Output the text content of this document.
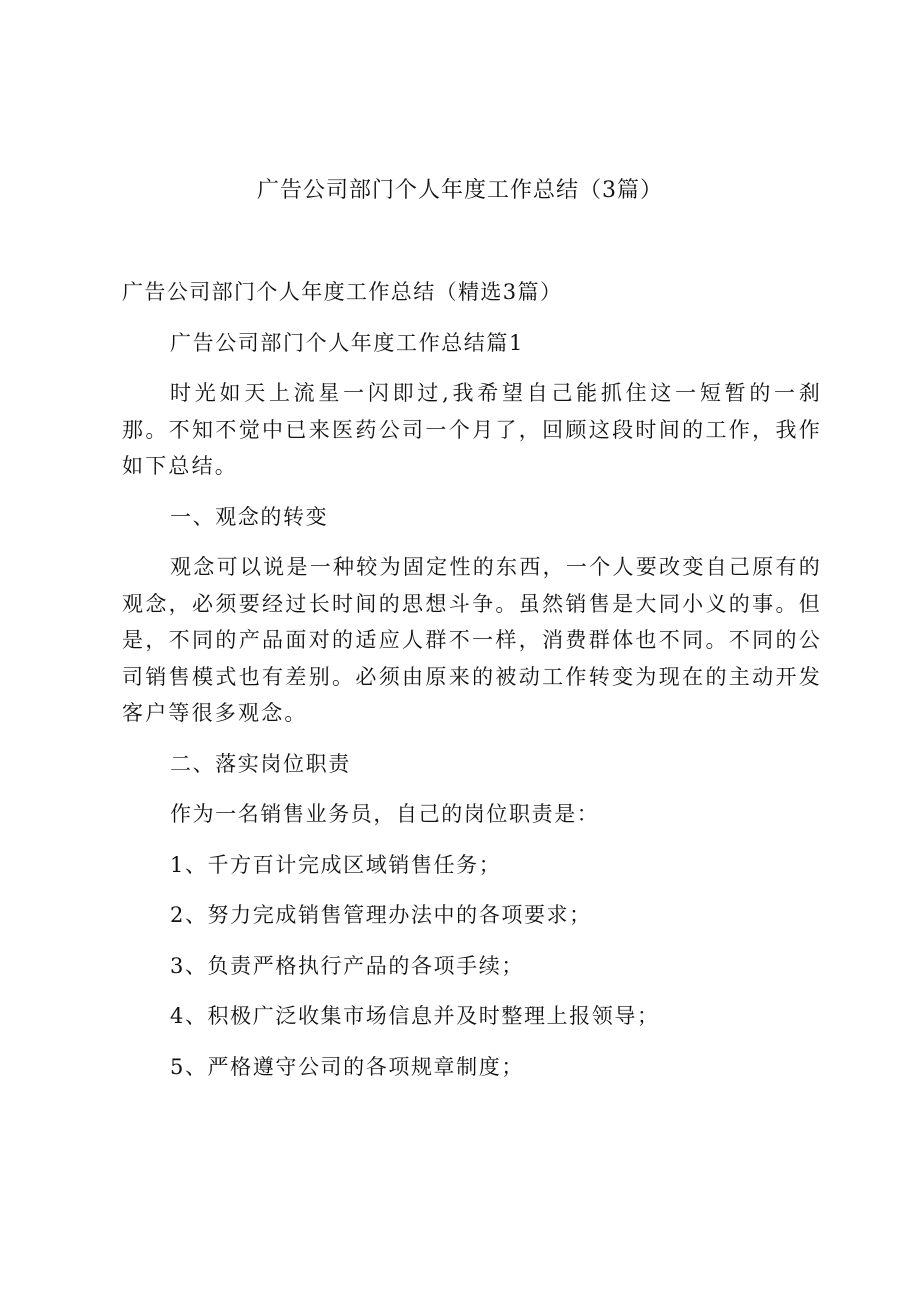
广告公司部门个人年度工作总结（3篇）
广告公司部门个人年度工作总结（精选3篇）
广告公司部门个人年度工作总结篇1
时光如天上流星一闪即过,我希望自己能抓住这一短暂的一刹那。不知不觉中已来医药公司一个月了，回顾这段时间的工作，我作如下总结。
一、观念的转变
观念可以说是一种较为固定性的东西，一个人要改变自己原有的观念，必须要经过长时间的思想斗争。虽然销售是大同小义的事。但是，不同的产品面对的适应人群不一样，消费群体也不同。不同的公司销售模式也有差别。必须由原来的被动工作转变为现在的主动开发客户等很多观念。
二、落实岗位职责
作为一名销售业务员，自己的岗位职责是：
1、千方百计完成区域销售任务；
2、努力完成销售管理办法中的各项要求；
3、负责严格执行产品的各项手续；
4、积极广泛收集市场信息并及时整理上报领导；
5、严格遵守公司的各项规章制度；
